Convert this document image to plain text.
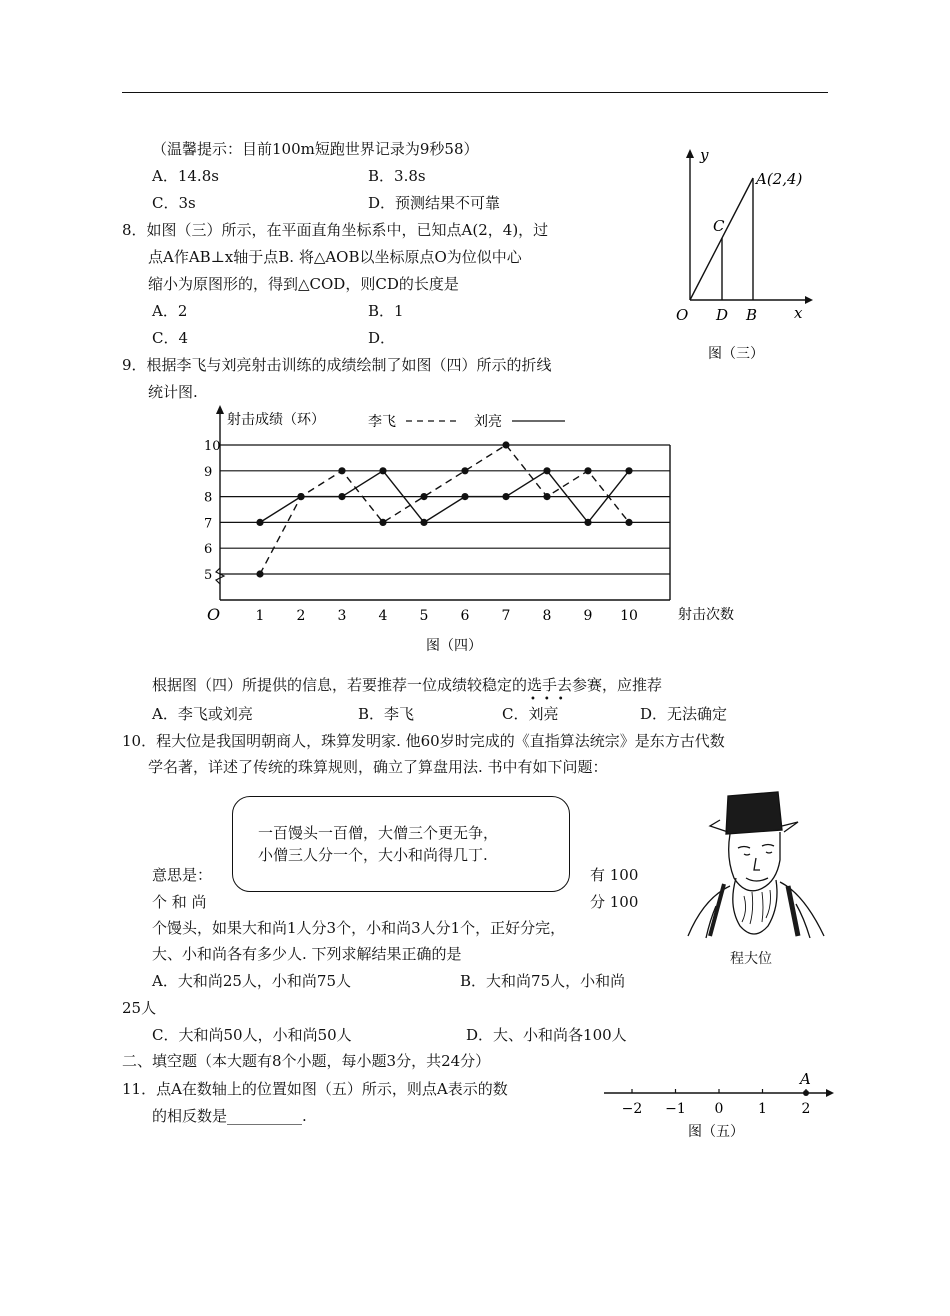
（温馨提示：目前100m短跑世界记录为9秒58）
A．14.8s	B．3.8s
C．3s	D．预测结果不可靠
8．如图（三）所示，在平面直角坐标系中，已知点A(2，4)，过
点A作AB⊥x轴于点B. 将△AOB以坐标原点O为位似中心
缩小为原图形的，得到△COD，则CD的长度是
A．2	B．1
C．4	D．
y
x
A(2,4)
C
O D B
图（三）
9．根据李飞与刘亮射击训练的成绩绘制了如图（四）所示的折线
统计图.
射击成绩（环）	李飞	刘亮
5
6
7
8
9
10
1 2 3 4 5 6 7 8 9 10
O	射击次数
图（四）
根据图（四）所提供的信息，若要推荐一位成绩较稳定的选手去参赛，应推荐
•••
A．李飞或刘亮	B．李飞	C．刘亮	D．无法确定
10．程大位是我国明朝商人，珠算发明家. 他60岁时完成的《直指算法统宗》是东方古代数
学名著，详述了传统的珠算规则，确立了算盘用法. 书中有如下问题：
一百馒头一百僧，大僧三个更无争，
小僧三人分一个，大小和尚得几丁.
意思是：	有 100
个 和 尚	分 100
个馒头，如果大和尚1人分3个，小和尚3人分1个，正好分完，
大、小和尚各有多少人. 下列求解结果正确的是
A．大和尚25人，小和尚75人	B．大和尚75人，小和尚
25人
C．大和尚50人，小和尚50人	D．大、小和尚各100人
程大位
二、填空题（本大题有8个小题，每小题3分，共24分）
11．点A在数轴上的位置如图（五）所示，则点A表示的数
的相反数是__________.	−2 −1 0 1 2
A
图（五）
